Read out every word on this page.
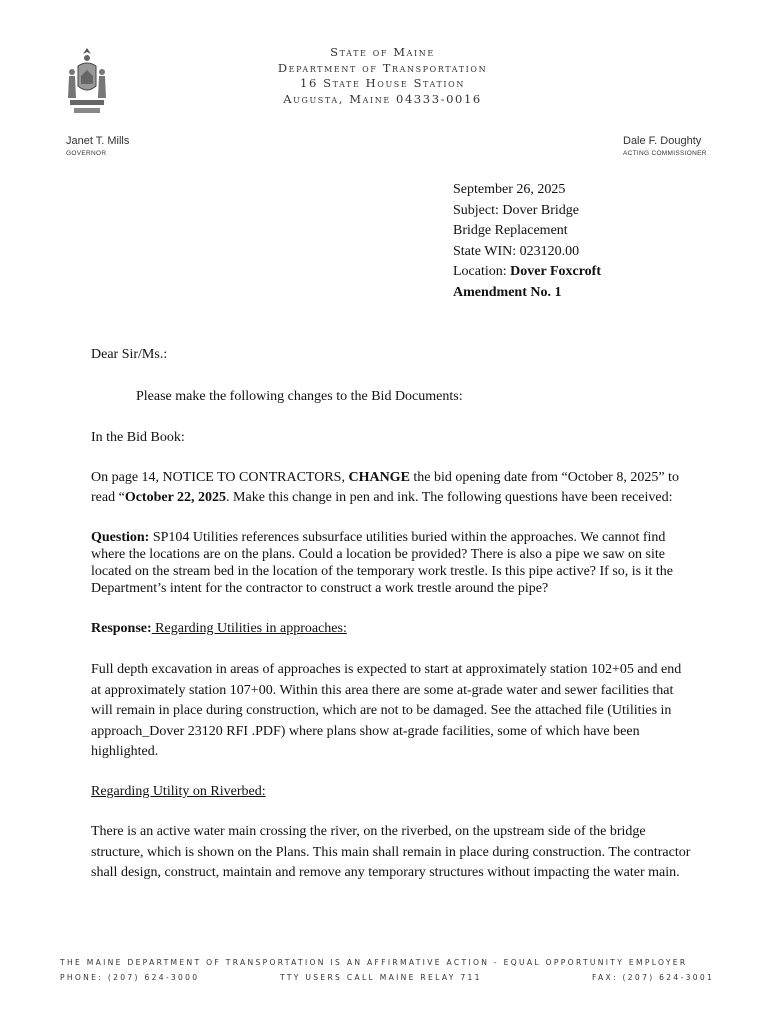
State of Maine
Department of Transportation
16 State House Station
Augusta, Maine 04333-0016
Janet T. Mills
GOVERNOR
Dale F. Doughty
ACTING COMMISSIONER
September 26, 2025
Subject: Dover Bridge
Bridge Replacement
State WIN: 023120.00
Location: Dover Foxcroft
Amendment No. 1

Dear Sir/Ms.:

Please make the following changes to the Bid Documents:

In the Bid Book:

On page 14, NOTICE TO CONTRACTORS, CHANGE the bid opening date from “October 8, 2025” to read “October 22, 2025. Make this change in pen and ink. The following questions have been received:

Question: SP104 Utilities references subsurface utilities buried within the approaches. We cannot find where the locations are on the plans. Could a location be provided? There is also a pipe we saw on site located on the stream bed in the location of the temporary work trestle. Is this pipe active? If so, is it the Department’s intent for the contractor to construct a work trestle around the pipe?

Response: Regarding Utilities in approaches:

Full depth excavation in areas of approaches is expected to start at approximately station 102+05 and end at approximately station 107+00. Within this area there are some at-grade water and sewer facilities that will remain in place during construction, which are not to be damaged. See the attached file (Utilities in approach_Dover 23120 RFI .PDF) where plans show at-grade facilities, some of which have been highlighted.

Regarding Utility on Riverbed:

There is an active water main crossing the river, on the riverbed, on the upstream side of the bridge structure, which is shown on the Plans. This main shall remain in place during construction. The contractor shall design, construct, maintain and remove any temporary structures without impacting the water main.

THE MAINE DEPARTMENT OF TRANSPORTATION IS AN AFFIRMATIVE ACTION - EQUAL OPPORTUNITY EMPLOYER
PHONE: (207) 624-3000	TTY USERS CALL MAINE RELAY 711	FAX: (207) 624-3001
